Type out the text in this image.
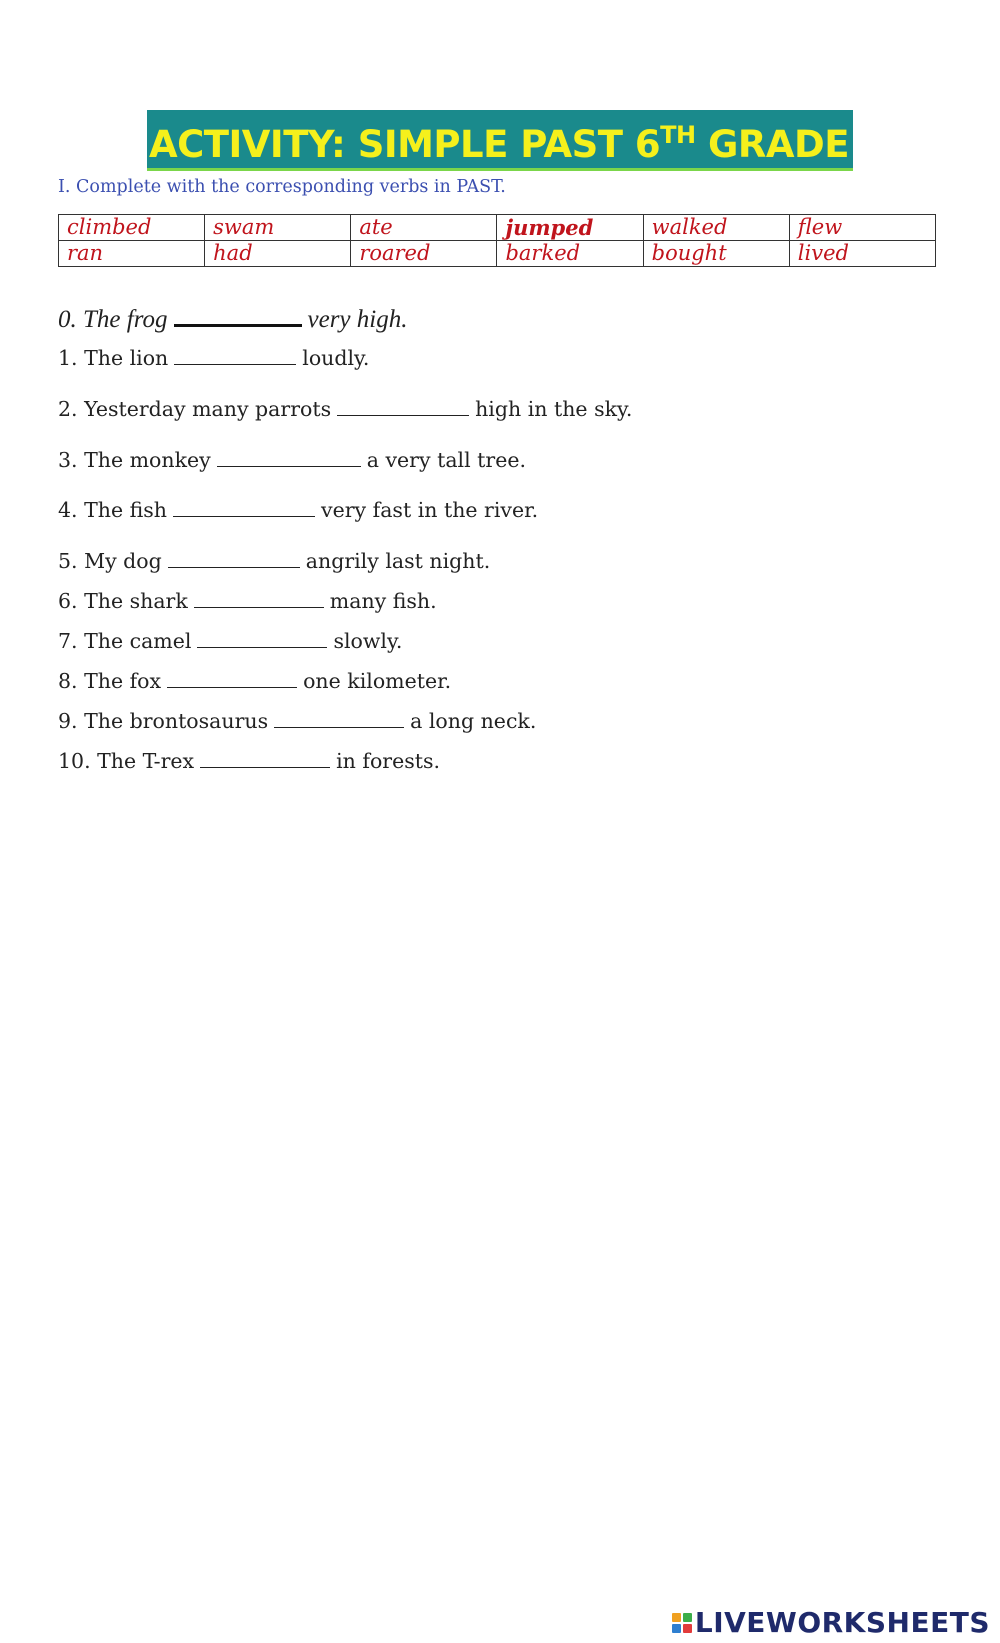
ACTIVITY: SIMPLE PAST 6TH GRADE
I. Complete with the corresponding verbs in PAST.
climbed	swam	ate	jumped	walked	flew
ran	had	roared	barked	bought	lived
0. The frog	very high.
1. The lion	loudly.
2. Yesterday many parrots	high in the sky.
3. The monkey	a very tall tree.
4. The fish	very fast in the river.
5. My dog	angrily last night.
6. The shark	many fish.
7. The camel	slowly.
8. The fox	one kilometer.
9. The brontosaurus	a long neck.
10. The T-rex	in forests.
LIVEWORKSHEETS
